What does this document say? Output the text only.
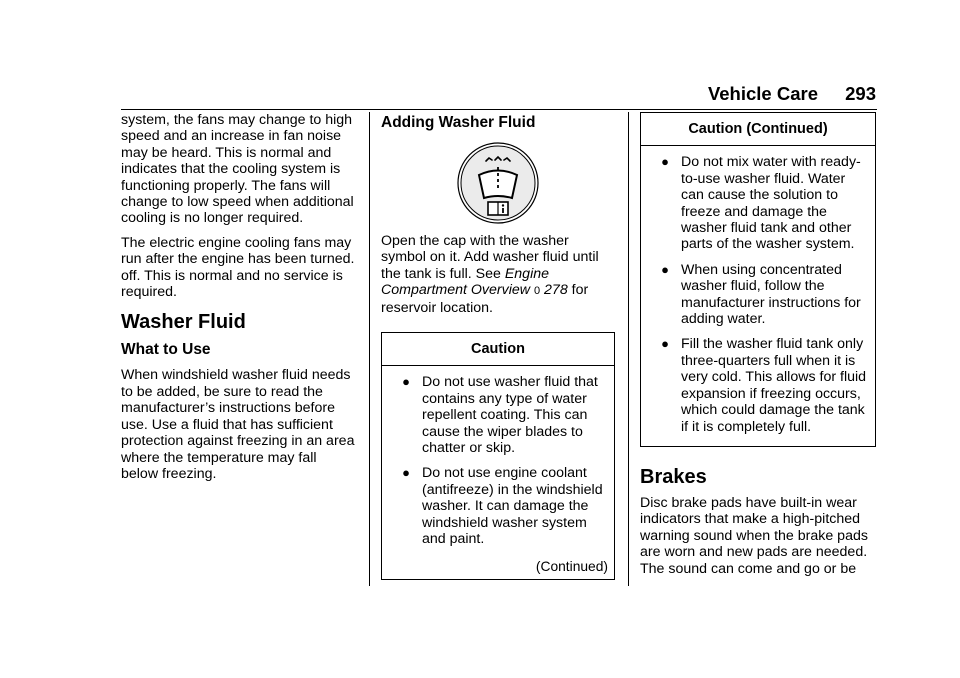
Vehicle Care 293

system, the fans may change to high speed and an increase in fan noise may be heard. This is normal and indicates that the cooling system is functioning properly. The fans will change to low speed when additional cooling is no longer required.

The electric engine cooling fans may run after the engine has been turned. off. This is normal and no service is required.

Washer Fluid
What to Use

When windshield washer fluid needs to be added, be sure to read the manufacturer’s instructions before use. Use a fluid that has sufficient protection against freezing in an area where the temperature may fall below freezing.

Adding Washer Fluid

Open the cap with the washer symbol on it. Add washer fluid until the tank is full. See Engine Compartment Overview 0 278 for reservoir location.

Caution
● Do not use washer fluid that contains any type of water repellent coating. This can cause the wiper blades to chatter or skip.
● Do not use engine coolant (antifreeze) in the windshield washer. It can damage the windshield washer system and paint.
(Continued)
Caution (Continued)
● Do not mix water with ready-to-use washer fluid. Water can cause the solution to freeze and damage the washer fluid tank and other parts of the washer system.
● When using concentrated washer fluid, follow the manufacturer instructions for adding water.
● Fill the washer fluid tank only three-quarters full when it is very cold. This allows for fluid expansion if freezing occurs, which could damage the tank if it is completely full.
Brakes

Disc brake pads have built-in wear indicators that make a high-pitched warning sound when the brake pads are worn and new pads are needed. The sound can come and go or be
